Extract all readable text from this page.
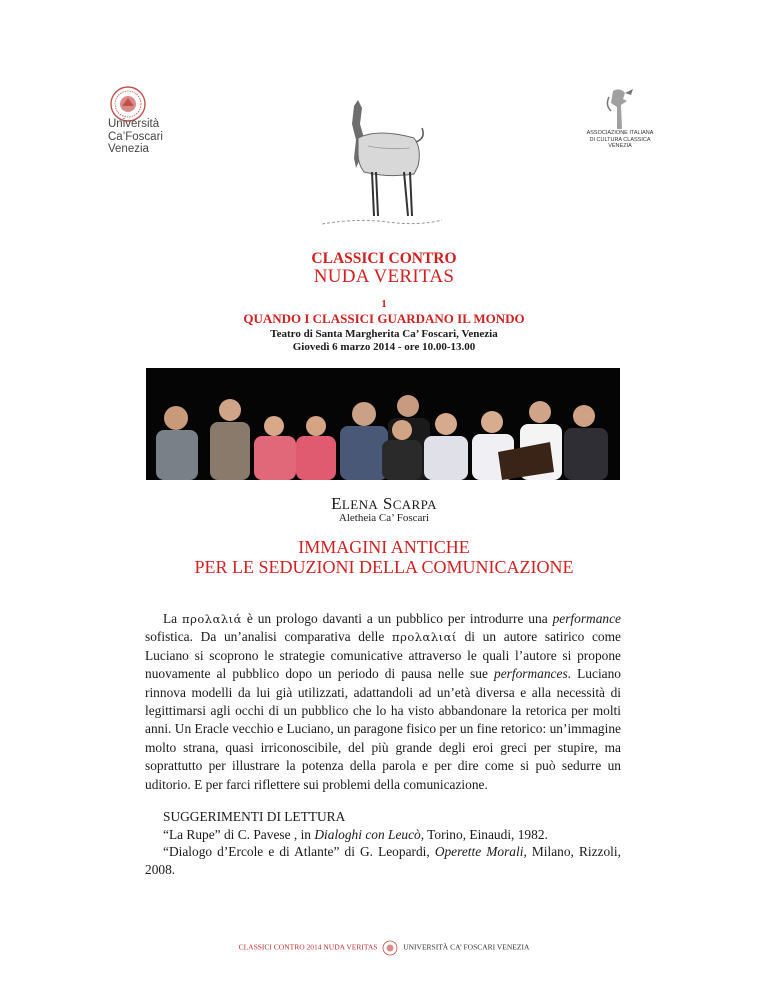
Università
Ca’Foscari
Venezia
ASSOCIAZIONE ITALIANA
DI CULTURA CLASSICA
VENEZIA
CLASSICI CONTRO
NUDA VERITAS
1
QUANDO I CLASSICI GUARDANO IL MONDO
Teatro di Santa Margherita Ca’ Foscari, Venezia
Giovedì 6 marzo 2014 - ore 10.00-13.00
ELENA SCARPA
Aletheia Ca’ Foscari
IMMAGINI ANTICHE
PER LE SEDUZIONI DELLA COMUNICAZIONE

La προλαλιά è un prologo davanti a un pubblico per introdurre una performance sofistica. Da un’analisi comparativa delle προλαλιαί di un autore satirico come Luciano si scoprono le strategie comunicative attraverso le quali l’autore si propone nuovamente al pubblico dopo un periodo di pausa nelle sue performances. Luciano rinnova modelli da lui già utilizzati, adattandoli ad un’età diversa e alla necessità di legittimarsi agli occhi di un pubblico che lo ha visto abbandonare la retorica per molti anni. Un Eracle vecchio e Luciano, un paragone fisico per un fine retorico: un’immagine molto strana, quasi irriconoscibile, del più grande degli eroi greci per stupire, ma soprattutto per illustrare la potenza della parola e per dire come si può sedurre un uditorio. E per farci riflettere sui problemi della comunicazione.

SUGGERIMENTI DI LETTURA
“La Rupe” di C. Pavese , in Dialoghi con Leucò, Torino, Einaudi, 1982.
“Dialogo d’Ercole e di Atlante” di G. Leopardi, Operette Morali, Milano, Rizzoli, 2008.
CLASSICI CONTRO 2014 NUDA VERITAS	UNIVERSITÀ CA’ FOSCARI VENEZIA
